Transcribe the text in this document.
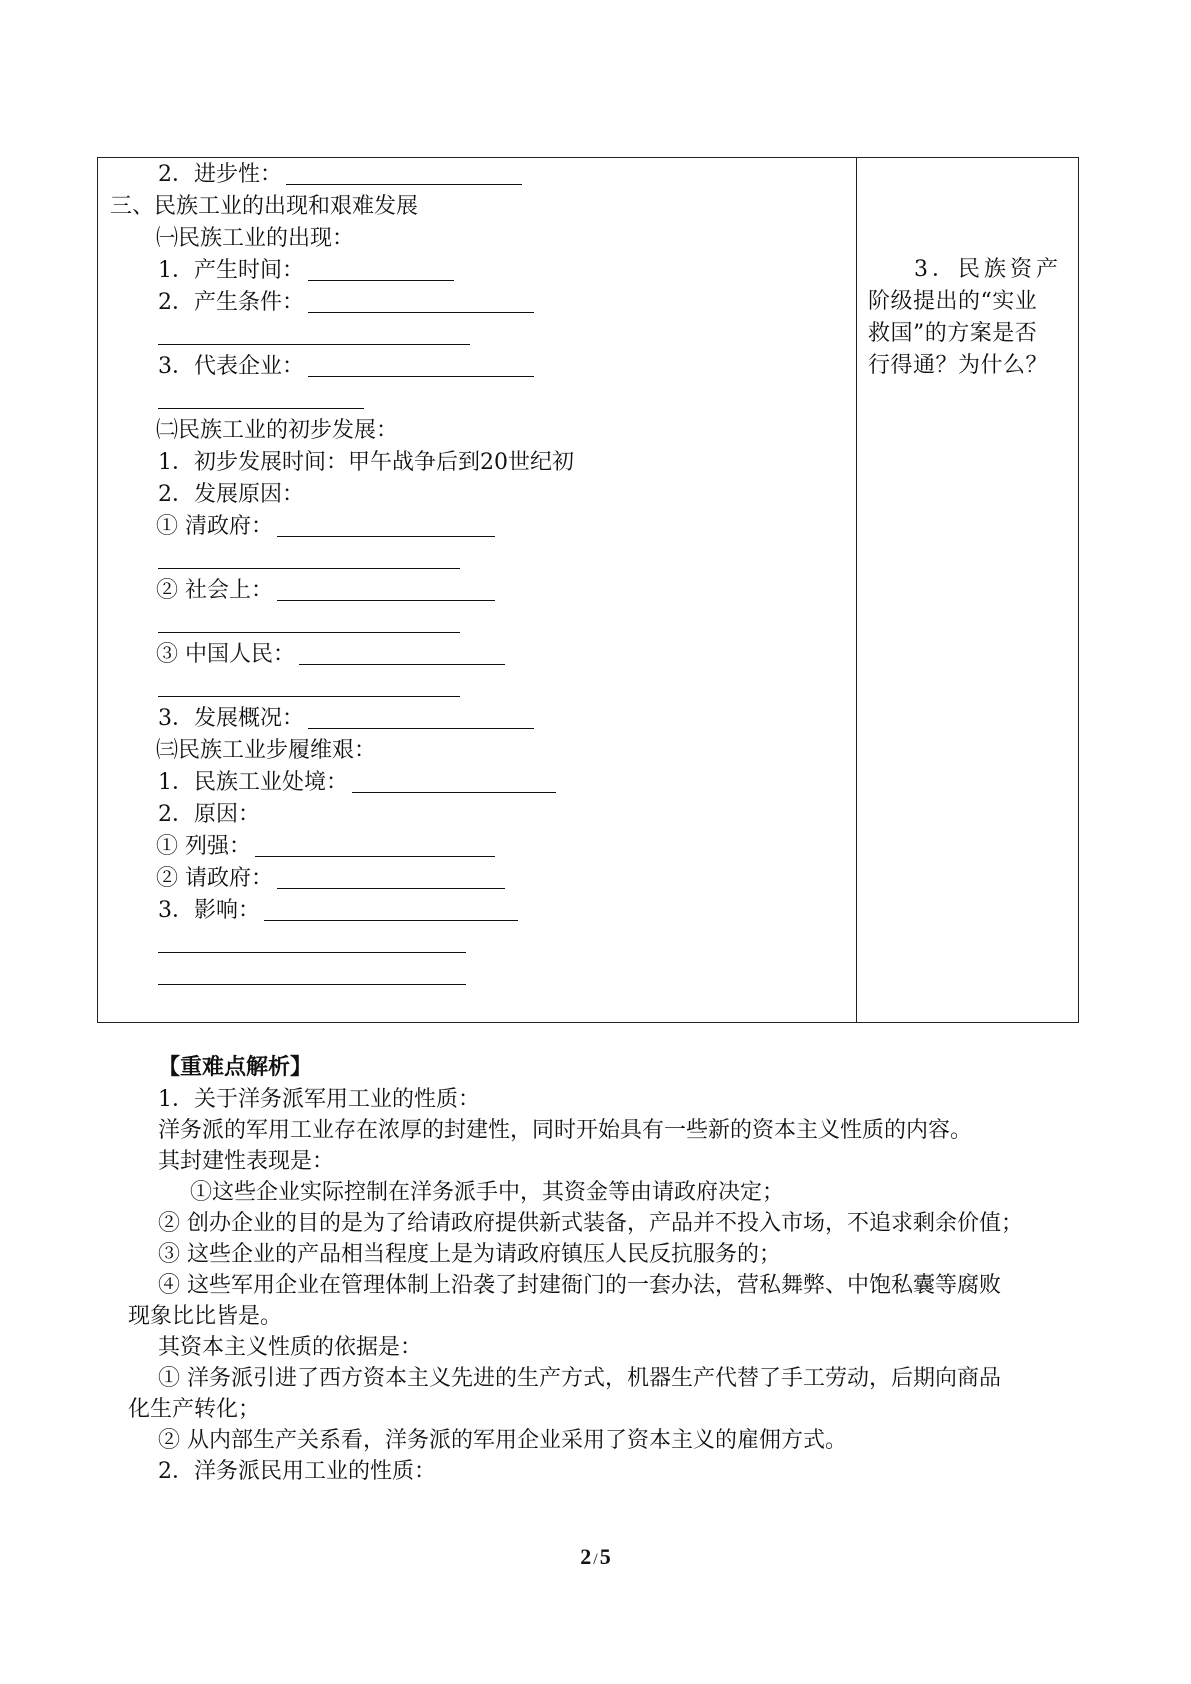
2．进步性：
三、民族工业的出现和艰难发展
㈠民族工业的出现：
1．产生时间：
2．产生条件：
3．代表企业：
㈡民族工业的初步发展：
1．初步发展时间：甲午战争后到20世纪初
2．发展原因：
① 清政府：
② 社会上：
③ 中国人民：
3．发展概况：
㈢民族工业步履维艰：
1．民族工业处境：
2．原因：
① 列强：
② 请政府：
3．影响：
3．民族资产
阶级提出的“实业
救国”的方案是否
行得通？为什么？
【重难点解析】
1．关于洋务派军用工业的性质：
洋务派的军用工业存在浓厚的封建性，同时开始具有一些新的资本主义性质的内容。
其封建性表现是：
①这些企业实际控制在洋务派手中，其资金等由请政府决定；
② 创办企业的目的是为了给请政府提供新式装备，产品并不投入市场，不追求剩余价值；
③ 这些企业的产品相当程度上是为请政府镇压人民反抗服务的；
④ 这些军用企业在管理体制上沿袭了封建衙门的一套办法，营私舞弊、中饱私囊等腐败
现象比比皆是。
其资本主义性质的依据是：
① 洋务派引进了西方资本主义先进的生产方式，机器生产代替了手工劳动，后期向商品
化生产转化；
② 从内部生产关系看，洋务派的军用企业采用了资本主义的雇佣方式。
2．洋务派民用工业的性质：
2 /5
